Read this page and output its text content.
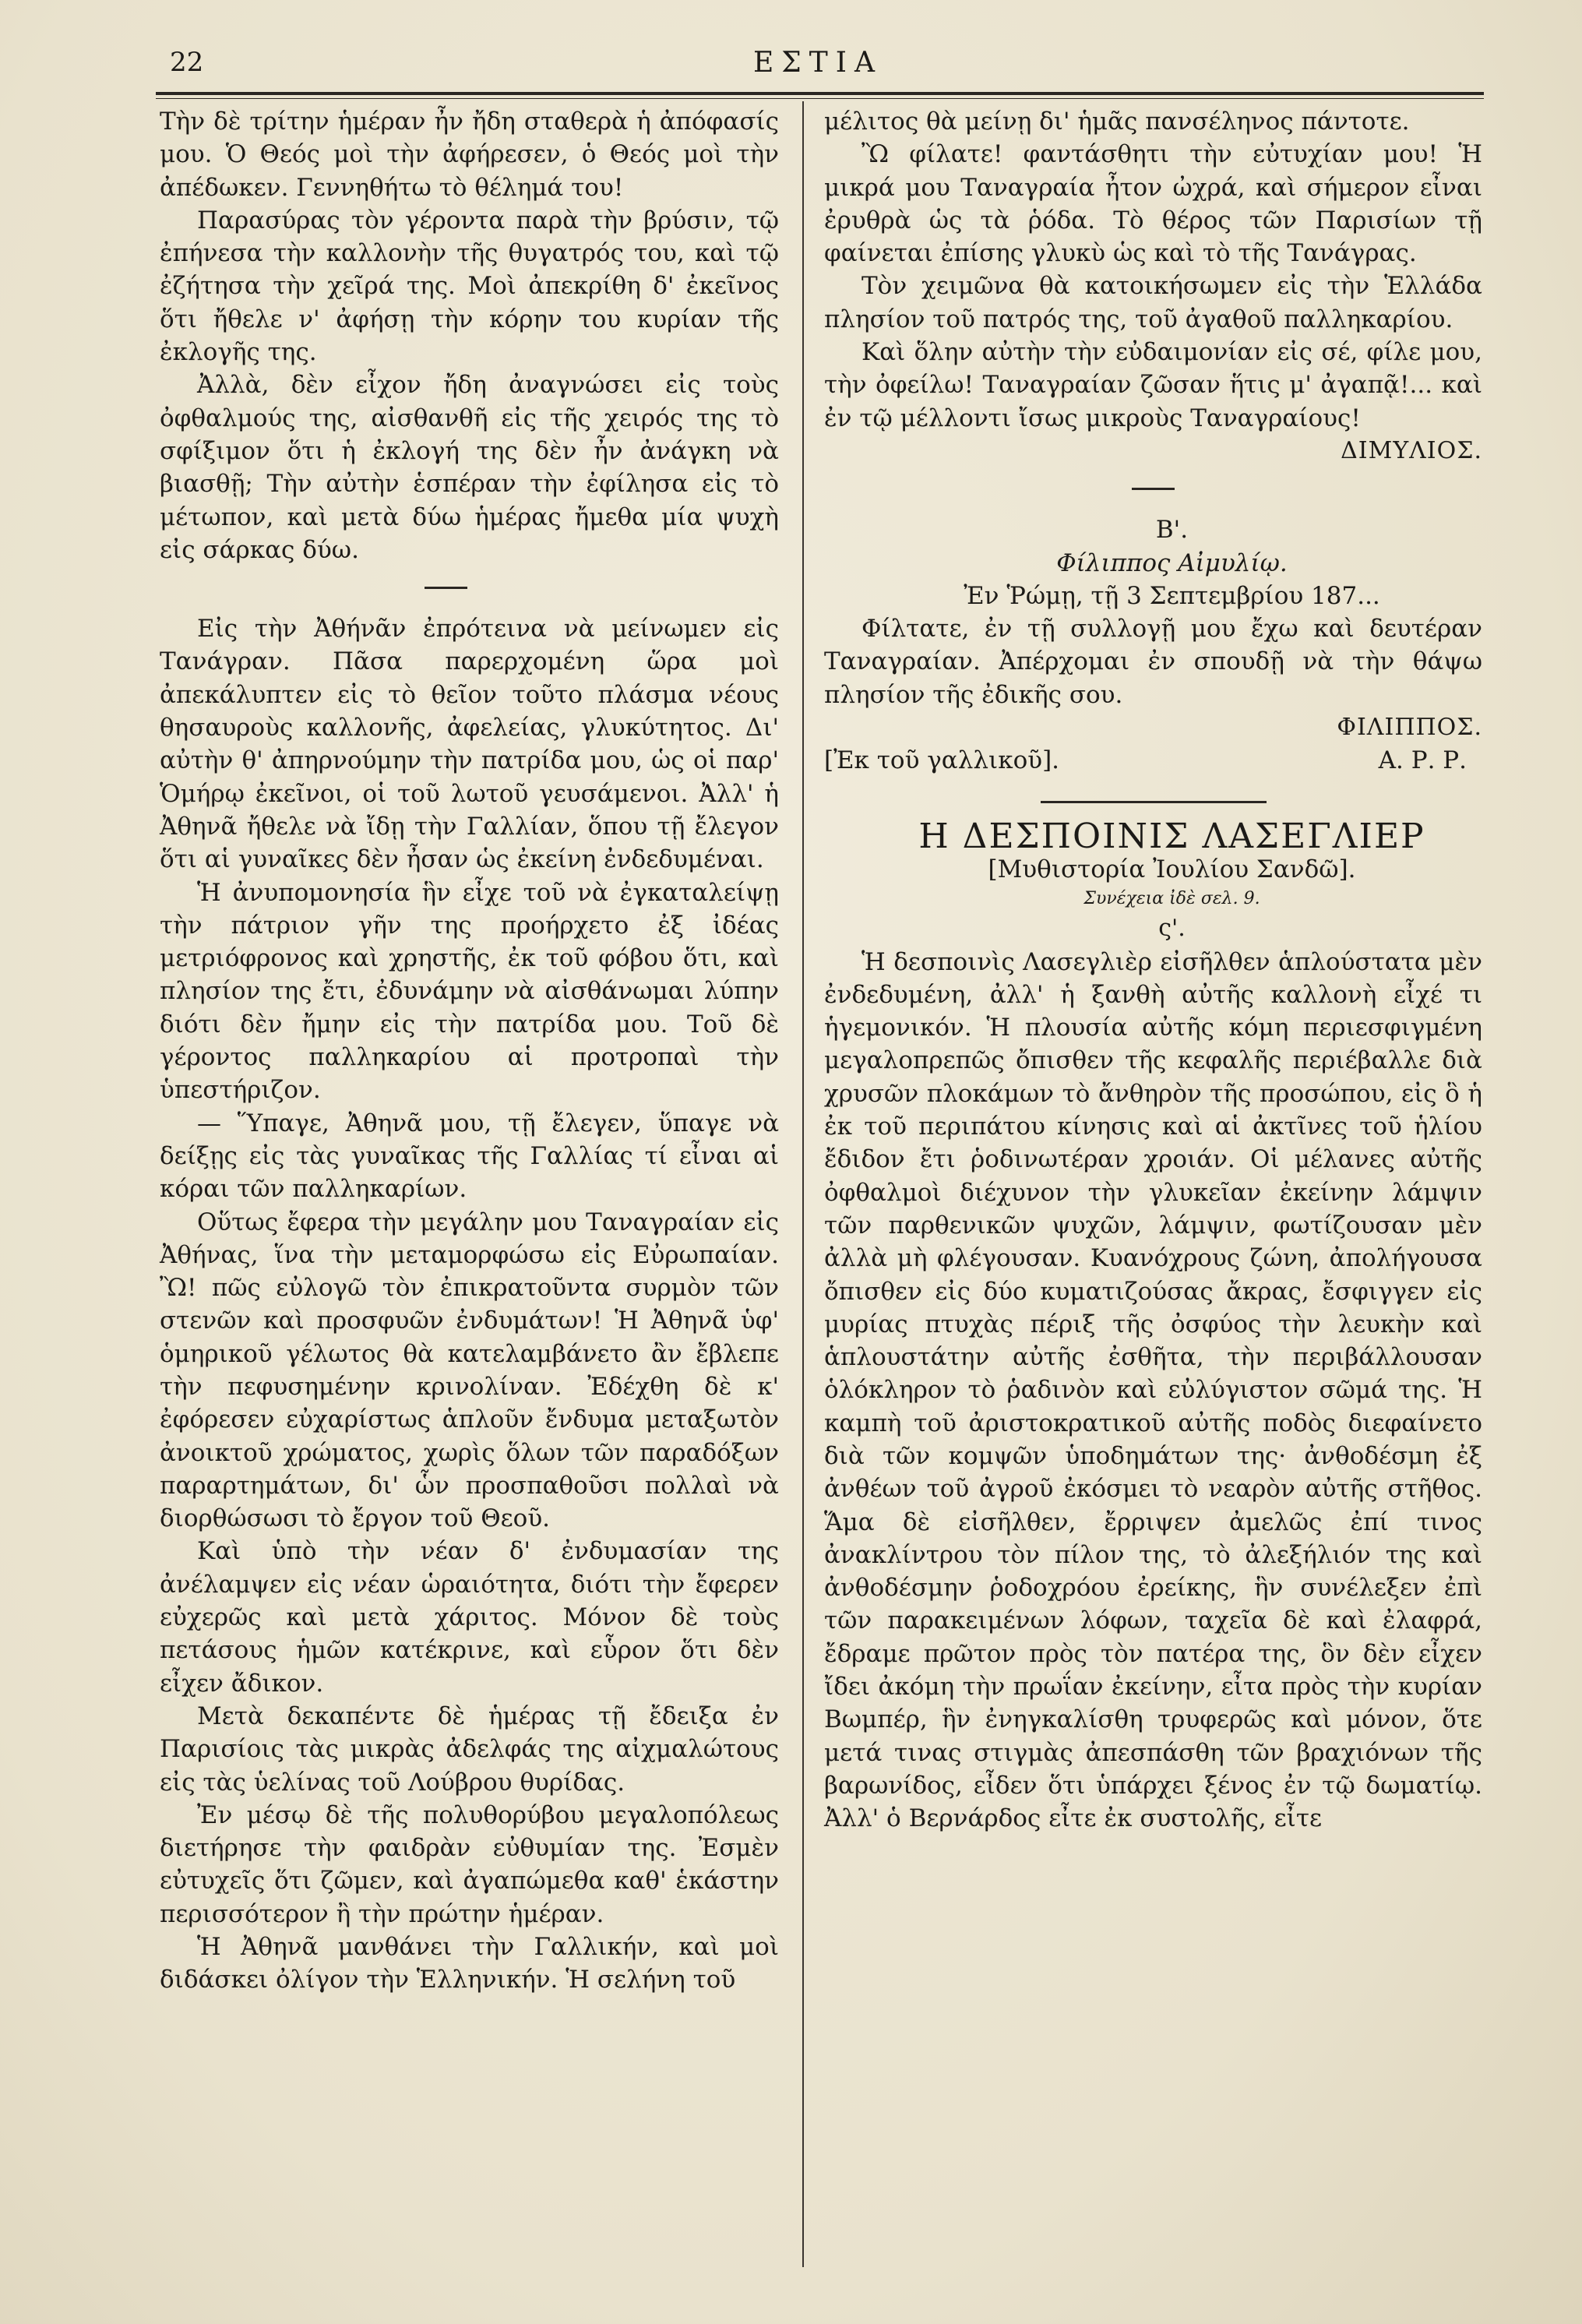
22	ΕΣΤΙΑ

Τὴν δὲ τρίτην ἡμέραν ἦν ἤδη σταθερὰ ἡ ἀπόφασίς μου. Ὁ Θεός μοὶ τὴν ἀφήρεσεν, ὁ Θεός μοὶ τὴν ἀπέδωκεν. Γεννηθήτω τὸ θέλημά του!

Παρασύρας τὸν γέροντα παρὰ τὴν βρύσιν, τῷ ἐπήνεσα τὴν καλλονὴν τῆς θυγατρός του, καὶ τῷ ἐζήτησα τὴν χεῖρά της. Μοὶ ἀπεκρίθη δ' ἐκεῖνος ὅτι ἤθελε ν' ἀφήσῃ τὴν κόρην του κυρίαν τῆς ἐκλογῆς της.

Ἀλλὰ, δὲν εἶχον ἤδη ἀναγνώσει εἰς τοὺς ὀφθαλμούς της, αἰσθανθῆ εἰς τῆς χειρός της τὸ σφίξιμον ὅτι ἡ ἐκλογή της δὲν ἦν ἀνάγκη νὰ βιασθῇ; Τὴν αὐτὴν ἑσπέραν τὴν ἐφίλησα εἰς τὸ μέτωπον, καὶ μετὰ δύω ἡμέρας ἤμεθα μία ψυχὴ εἰς σάρκας δύω.

Εἰς τὴν Ἀθήνᾶν ἐπρότεινα νὰ μείνωμεν εἰς Τανάγραν. Πᾶσα παρερχομένη ὥρα μοὶ ἀπεκάλυπτεν εἰς τὸ θεῖον τοῦτο πλάσμα νέους θησαυροὺς καλλονῆς, ἀφελείας, γλυκύτητος. Δι' αὐτὴν θ' ἀπηρνούμην τὴν πατρίδα μου, ὡς οἱ παρ' Ὁμήρῳ ἐκεῖνοι, οἱ τοῦ λωτοῦ γευσάμενοι. Ἀλλ' ἡ Ἀθηνᾶ ἤθελε νὰ ἴδῃ τὴν Γαλλίαν, ὅπου τῇ ἔλεγον ὅτι αἱ γυναῖκες δὲν ἦσαν ὡς ἐκείνη ἐνδεδυμέναι.

Ἡ ἀνυπομονησία ἣν εἶχε τοῦ νὰ ἐγκαταλείψῃ τὴν πάτριον γῆν της προήρχετο ἐξ ἰδέας μετριόφρονος καὶ χρηστῆς, ἐκ τοῦ φόβου ὅτι, καὶ πλησίον της ἔτι, ἐδυνάμην νὰ αἰσθάνωμαι λύπην διότι δὲν ἤμην εἰς τὴν πατρίδα μου. Τοῦ δὲ γέροντος παλληκαρίου αἱ προτροπαὶ τὴν ὑπεστήριζον.

— Ὕπαγε, Ἀθηνᾶ μου, τῇ ἔλεγεν, ὕπαγε νὰ δείξῃς εἰς τὰς γυναῖκας τῆς Γαλλίας τί εἶναι αἱ κόραι τῶν παλληκαρίων.

Οὕτως ἔφερα τὴν μεγάλην μου Ταναγραίαν εἰς Ἀθήνας, ἵνα τὴν μεταμορφώσω εἰς Εὐρωπαίαν. Ὢ! πῶς εὐλογῶ τὸν ἐπικρατοῦντα συρμὸν τῶν στενῶν καὶ προσφυῶν ἐνδυμάτων! Ἡ Ἀθηνᾶ ὑφ' ὁμηρικοῦ γέλωτος θὰ κατελαμβάνετο ἂν ἔβλεπε τὴν πεφυσημένην κρινολίναν. Ἐδέχθη δὲ κ' ἐφόρεσεν εὐχαρίστως ἁπλοῦν ἔνδυμα μεταξωτὸν ἀνοικτοῦ χρώματος, χωρὶς ὅλων τῶν παραδόξων παραρτημάτων, δι' ὧν προσπαθοῦσι πολλαὶ νὰ διορθώσωσι τὸ ἔργον τοῦ Θεοῦ.

Καὶ ὑπὸ τὴν νέαν δ' ἐνδυμασίαν της ἀνέλαμψεν εἰς νέαν ὡραιότητα, διότι τὴν ἔφερεν εὐχερῶς καὶ μετὰ χάριτος. Μόνον δὲ τοὺς πετάσους ἡμῶν κατέκρινε, καὶ εὗρον ὅτι δὲν εἶχεν ἄδικον.

Μετὰ δεκαπέντε δὲ ἡμέρας τῇ ἔδειξα ἐν Παρισίοις τὰς μικρὰς ἀδελφάς της αἰχμαλώτους εἰς τὰς ὑελίνας τοῦ Λούβρου θυρίδας.

Ἐν μέσῳ δὲ τῆς πολυθορύβου μεγαλοπόλεως διετήρησε τὴν φαιδρὰν εὐθυμίαν της. Ἐσμὲν εὐτυχεῖς ὅτι ζῶμεν, καὶ ἀγαπώμεθα καθ' ἑκάστην περισσότερον ἢ τὴν πρώτην ἡμέραν.

Ἡ Ἀθηνᾶ μανθάνει τὴν Γαλλικήν, καὶ μοὶ διδάσκει ὀλίγον τὴν Ἑλληνικήν. Ἡ σελήνη τοῦ

μέλιτος θὰ μείνῃ δι' ἡμᾶς πανσέληνος πάντοτε.

Ὢ φίλατε! φαντάσθητι τὴν εὐτυχίαν μου! Ἡ μικρά μου Ταναγραία ἦτον ὠχρά, καὶ σήμερον εἶναι ἐρυθρὰ ὡς τὰ ῥόδα. Τὸ θέρος τῶν Παρισίων τῇ φαίνεται ἐπίσης γλυκὺ ὡς καὶ τὸ τῆς Τανάγρας.

Τὸν χειμῶνα θὰ κατοικήσωμεν εἰς τὴν Ἑλλάδα πλησίον τοῦ πατρός της, τοῦ ἀγαθοῦ παλληκαρίου.

Καὶ ὅλην αὐτὴν τὴν εὐδαιμονίαν εἰς σέ, φίλε μου, τὴν ὀφείλω! Ταναγραίαν ζῶσαν ἥτις μ' ἀγαπᾷ!... καὶ ἐν τῷ μέλλοντι ἴσως μικροὺς Ταναγραίους!

ΔΙΜΥΛΙΟΣ.

Β'.

Φίλιππος Αἰμυλίῳ.

Ἐν Ῥώμῃ, τῇ 3 Σεπτεμβρίου 187...

Φίλτατε, ἐν τῇ συλλογῇ μου ἔχω καὶ δευτέραν Ταναγραίαν. Ἀπέρχομαι ἐν σπουδῇ νὰ τὴν θάψω πλησίον τῆς ἐδικῆς σου.

ΦΙΛΙΠΠΟΣ.

[Ἐκ τοῦ γαλλικοῦ].	Α. Ρ. Ρ.

Η ΔΕΣΠΟΙΝΙΣ ΛΑΣΕΓΛΙΕΡ

[Μυθιστορία Ἰουλίου Σανδῶ].

Συνέχεια ἰδὲ σελ. 9.

ς'.

Ἡ δεσποινὶς Λασεγλιὲρ εἰσῆλθεν ἁπλούστατα μὲν ἐνδεδυμένη, ἀλλ' ἡ ξανθὴ αὐτῆς καλλονὴ εἶχέ τι ἡγεμονικόν. Ἡ πλουσία αὐτῆς κόμη περιεσφιγμένη μεγαλοπρεπῶς ὄπισθεν τῆς κεφαλῆς περιέβαλλε διὰ χρυσῶν πλοκάμων τὸ ἄνθηρὸν τῆς προσώπου, εἰς ὃ ἡ ἐκ τοῦ περιπάτου κίνησις καὶ αἱ ἀκτῖνες τοῦ ἡλίου ἔδιδον ἔτι ῥοδινωτέραν χροιάν. Οἱ μέλανες αὐτῆς ὀφθαλμοὶ διέχυνον τὴν γλυκεῖαν ἐκείνην λάμψιν τῶν παρθενικῶν ψυχῶν, λάμψιν, φωτίζουσαν μὲν ἀλλὰ μὴ φλέγουσαν. Κυανόχρους ζώνη, ἀπολήγουσα ὄπισθεν εἰς δύο κυματιζούσας ἄκρας, ἔσφιγγεν εἰς μυρίας πτυχὰς πέριξ τῆς ὀσφύος τὴν λευκὴν καὶ ἁπλουστάτην αὐτῆς ἐσθῆτα, τὴν περιβάλλουσαν ὁλόκληρον τὸ ῥαδινὸν καὶ εὐλύγιστον σῶμά της. Ἡ καμπὴ τοῦ ἀριστοκρατικοῦ αὐτῆς ποδὸς διεφαίνετο διὰ τῶν κομψῶν ὑποδημάτων της· ἀνθοδέσμη ἐξ ἀνθέων τοῦ ἀγροῦ ἐκόσμει τὸ νεαρὸν αὐτῆς στῆθος. Ἅμα δὲ εἰσῆλθεν, ἔρριψεν ἀμελῶς ἐπί τινος ἀνακλίντρου τὸν πίλον της, τὸ ἀλεξήλιόν της καὶ ἀνθοδέσμην ῥοδοχρόου ἐρείκης, ἣν συνέλεξεν ἐπὶ τῶν παρακειμένων λόφων, ταχεῖα δὲ καὶ ἐλαφρά, ἔδραμε πρῶτον πρὸς τὸν πατέρα της, ὃν δὲν εἶχεν ἴδει ἀκόμη τὴν πρωΐαν ἐκείνην, εἶτα πρὸς τὴν κυρίαν Βωμπέρ, ἣν ἐνηγκαλίσθη τρυφερῶς καὶ μόνον, ὅτε μετά τινας στιγμὰς ἀπεσπάσθη τῶν βραχιόνων τῆς βαρωνίδος, εἶδεν ὅτι ὑπάρχει ξένος ἐν τῷ δωματίῳ. Ἀλλ' ὁ Βερνάρδος εἶτε ἐκ συστολῆς, εἶτε
